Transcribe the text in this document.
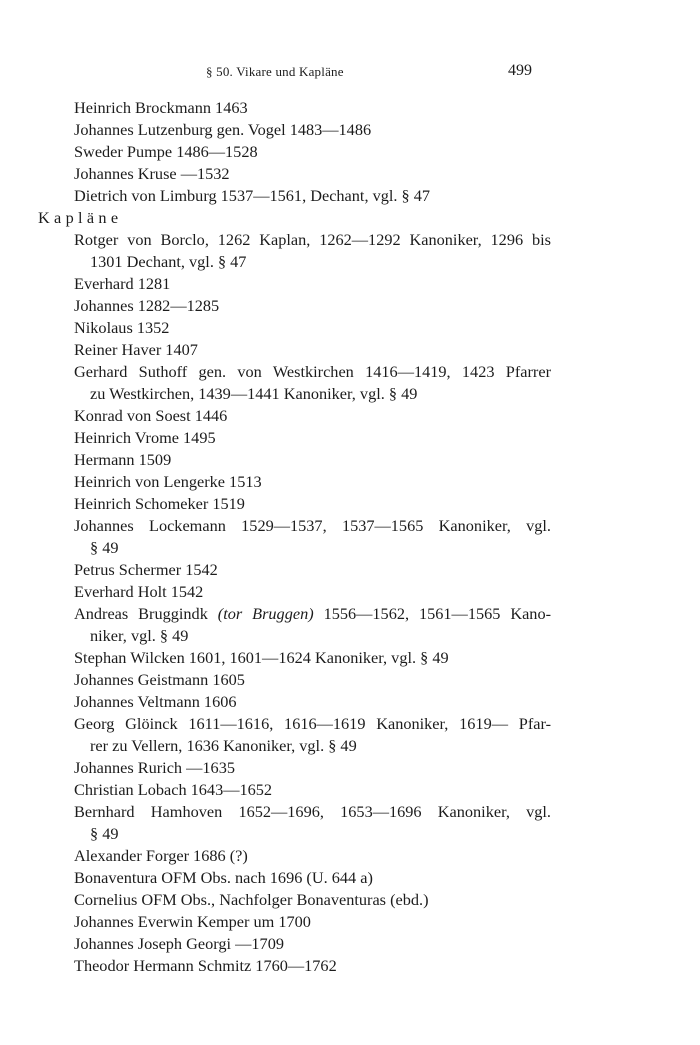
§ 50. Vikare und Kapläne	499
Heinrich Brockmann 1463
Johannes Lutzenburg gen. Vogel 1483—1486
Sweder Pumpe 1486—1528
Johannes Kruse —1532
Dietrich von Limburg 1537—1561, Dechant, vgl. § 47
Kapläne
Rotger von Borclo, 1262 Kaplan, 1262—1292 Kanoniker, 1296 bis
1301 Dechant, vgl. § 47
Everhard 1281
Johannes 1282—1285
Nikolaus 1352
Reiner Haver 1407
Gerhard Suthoff gen. von Westkirchen 1416—1419, 1423 Pfarrer
zu Westkirchen, 1439—1441 Kanoniker, vgl. § 49
Konrad von Soest 1446
Heinrich Vrome 1495
Hermann 1509
Heinrich von Lengerke 1513
Heinrich Schomeker 1519
Johannes Lockemann 1529—1537, 1537—1565 Kanoniker, vgl.
§ 49
Petrus Schermer 1542
Everhard Holt 1542
Andreas Bruggindk (tor Bruggen) 1556—1562, 1561—1565 Kano-
niker, vgl. § 49
Stephan Wilcken 1601, 1601—1624 Kanoniker, vgl. § 49
Johannes Geistmann 1605
Johannes Veltmann 1606
Georg Glöinck 1611—1616, 1616—1619 Kanoniker, 1619— Pfar-
rer zu Vellern, 1636 Kanoniker, vgl. § 49
Johannes Rurich —1635
Christian Lobach 1643—1652
Bernhard Hamhoven 1652—1696, 1653—1696 Kanoniker, vgl.
§ 49
Alexander Forger 1686 (?)
Bonaventura OFM Obs. nach 1696 (U. 644 a)
Cornelius OFM Obs., Nachfolger Bonaventuras (ebd.)
Johannes Everwin Kemper um 1700
Johannes Joseph Georgi —1709
Theodor Hermann Schmitz 1760—1762
